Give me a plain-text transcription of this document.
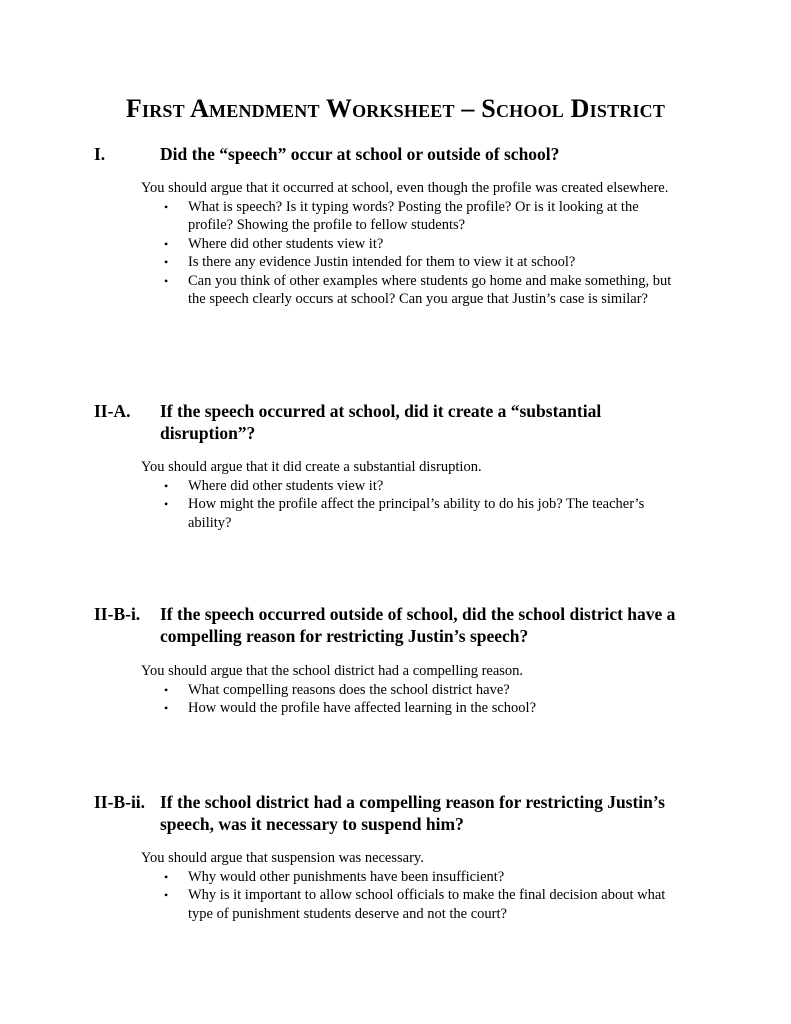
First Amendment Worksheet – School District
I.	Did the “speech” occur at school or outside of school?

You should argue that it occurred at school, even though the profile was created elsewhere.

• What is speech? Is it typing words? Posting the profile? Or is it looking at the profile? Showing the profile to fellow students?
• Where did other students view it?
• Is there any evidence Justin intended for them to view it at school?
• Can you think of other examples where students go home and make something, but the speech clearly occurs at school? Can you argue that Justin’s case is similar?
II-A. If the speech occurred at school, did it create a “substantial disruption”?

You should argue that it did create a substantial disruption.

• Where did other students view it?
• How might the profile affect the principal’s ability to do his job? The teacher’s ability?
II-B-i. If the speech occurred outside of school, did the school district have a compelling reason for restricting Justin’s speech?

You should argue that the school district had a compelling reason.

• What compelling reasons does the school district have?
• How would the profile have affected learning in the school?
II-B-ii. If the school district had a compelling reason for restricting Justin’s speech, was it necessary to suspend him?

You should argue that suspension was necessary.

• Why would other punishments have been insufficient?
• Why is it important to allow school officials to make the final decision about what type of punishment students deserve and not the court?
